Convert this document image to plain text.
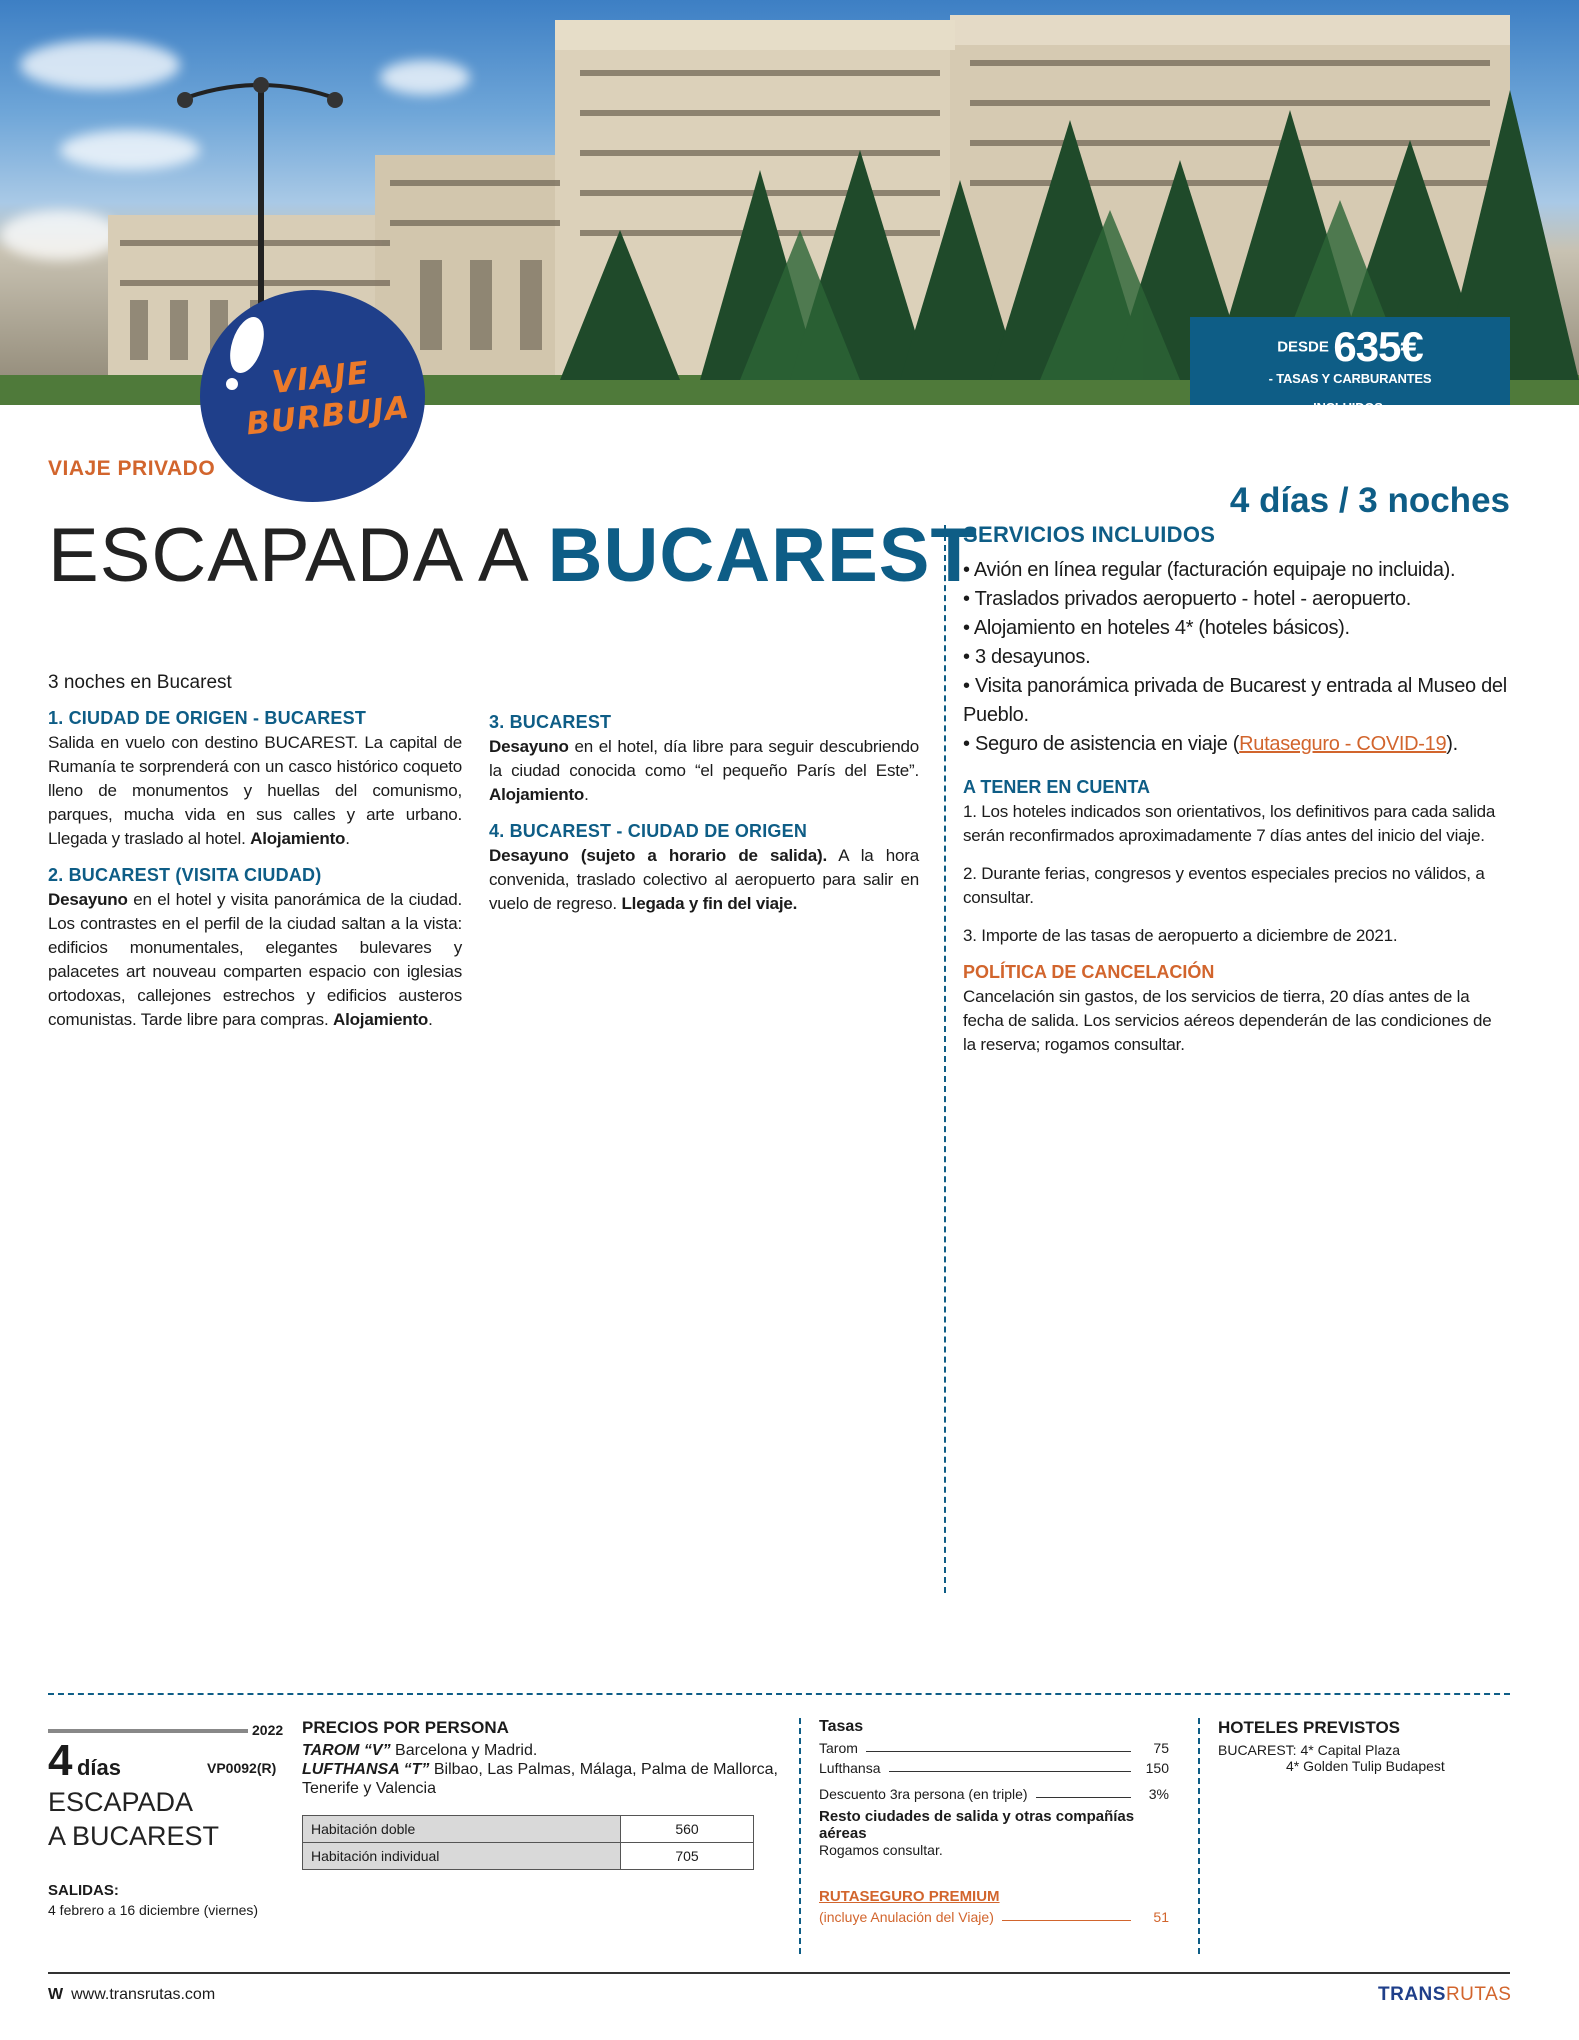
DESDE 635€
- TASAS Y CARBURANTES
INCLUIDOS-
VIAJE
BURBUJA
VIAJE PRIVADO
ESCAPADA A BUCAREST
4 días / 3 noches
3 noches en Bucarest
1. CIUDAD DE ORIGEN - BUCAREST

Salida en vuelo con destino BUCAREST. La capital de Rumanía te sorprenderá con un casco histórico coqueto lleno de monumentos y huellas del comunismo, parques, mucha vida en sus calles y arte urbano. Llegada y traslado al hotel. Alojamiento.

2. BUCAREST (VISITA CIUDAD)

Desayuno en el hotel y visita panorámica de la ciudad. Los contrastes en el perfil de la ciudad saltan a la vista: edificios monumentales, elegantes bulevares y palacetes art nouveau comparten espacio con iglesias ortodoxas, callejones estrechos y edificios austeros comunistas. Tarde libre para compras. Alojamiento.

3. BUCAREST

Desayuno en el hotel, día libre para seguir descubriendo la ciudad conocida como “el pequeño París del Este”. Alojamiento.

4. BUCAREST - CIUDAD DE ORIGEN

Desayuno (sujeto a horario de salida). A la hora convenida, traslado colectivo al aeropuerto para salir en vuelo de regreso. Llegada y fin del viaje.

SERVICIOS INCLUIDOS
• Avión en línea regular (facturación equipaje no incluida).
• Traslados privados aeropuerto - hotel - aeropuerto.
• Alojamiento en hoteles 4* (hoteles básicos).
• 3 desayunos.
• Visita panorámica privada de Bucarest y entrada al Museo del Pueblo.
• Seguro de asistencia en viaje (Rutaseguro - COVID-19).
A TENER EN CUENTA
1. Los hoteles indicados son orientativos, los definitivos para cada salida serán reconfirmados aproximadamente 7 días antes del inicio del viaje.
2. Durante ferias, congresos y eventos especiales precios no válidos, a consultar.
3. Importe de las tasas de aeropuerto a diciembre de 2021.
POLÍTICA DE CANCELACIÓN
Cancelación sin gastos, de los servicios de tierra, 20 días antes de la fecha de salida. Los servicios aéreos dependerán de las condiciones de la reserva; rogamos consultar.
2022
4 días	VP0092(R)
ESCAPADA
A BUCAREST
SALIDAS:
4 febrero a 16 diciembre (viernes)
PRECIOS POR PERSONA
TAROM “V” Barcelona y Madrid.
LUFTHANSA “T” Bilbao, Las Palmas, Málaga, Palma de Mallorca, Tenerife y Valencia
Habitación doble	560
Habitación individual	705
Tasas
Tarom	75
Lufthansa	150
Descuento 3ra persona (en triple)	3%
Resto ciudades de salida y otras compañías aéreas
Rogamos consultar.
RUTASEGURO PREMIUM
(incluye Anulación del Viaje)	51
HOTELES PREVISTOS
BUCAREST: 4* Capital Plaza
4* Golden Tulip Budapest
W www.transrutas.com	TRANSRUTAS
